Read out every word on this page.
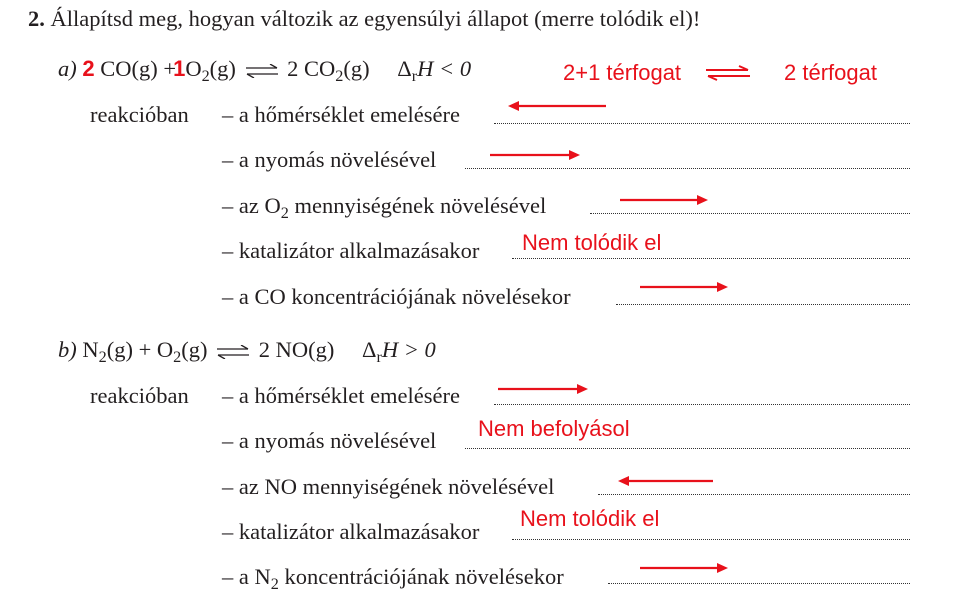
2. Állapítsd meg, hogyan változik az egyensúlyi állapot (merre tolódik el)!
a) 2 $CO(g) +1O_2(g)$ ⇌ 2 $CO_2(g) \Delta_rH < 0$	2+1 térfogat	2 térfogat
reakcióban – a hőmérséklet emelésére
– a nyomás növelésével
– az $O_2$ mennyiségének növelésével
– katalizátor alkalmazásakor Nem tolódik el
– a CO koncentrációjának növelésekor
b) $N_2(g) + O_2(g)$ ⇌ 2 NO(g) $\Delta_rH > 0$
reakcióban – a hőmérséklet emelésére
– a nyomás növelésével Nem befolyásol
– az NO mennyiségének növelésével
– katalizátor alkalmazásakor
Nem tolódik el
– a $N_2$ koncentrációjának növelésekor
